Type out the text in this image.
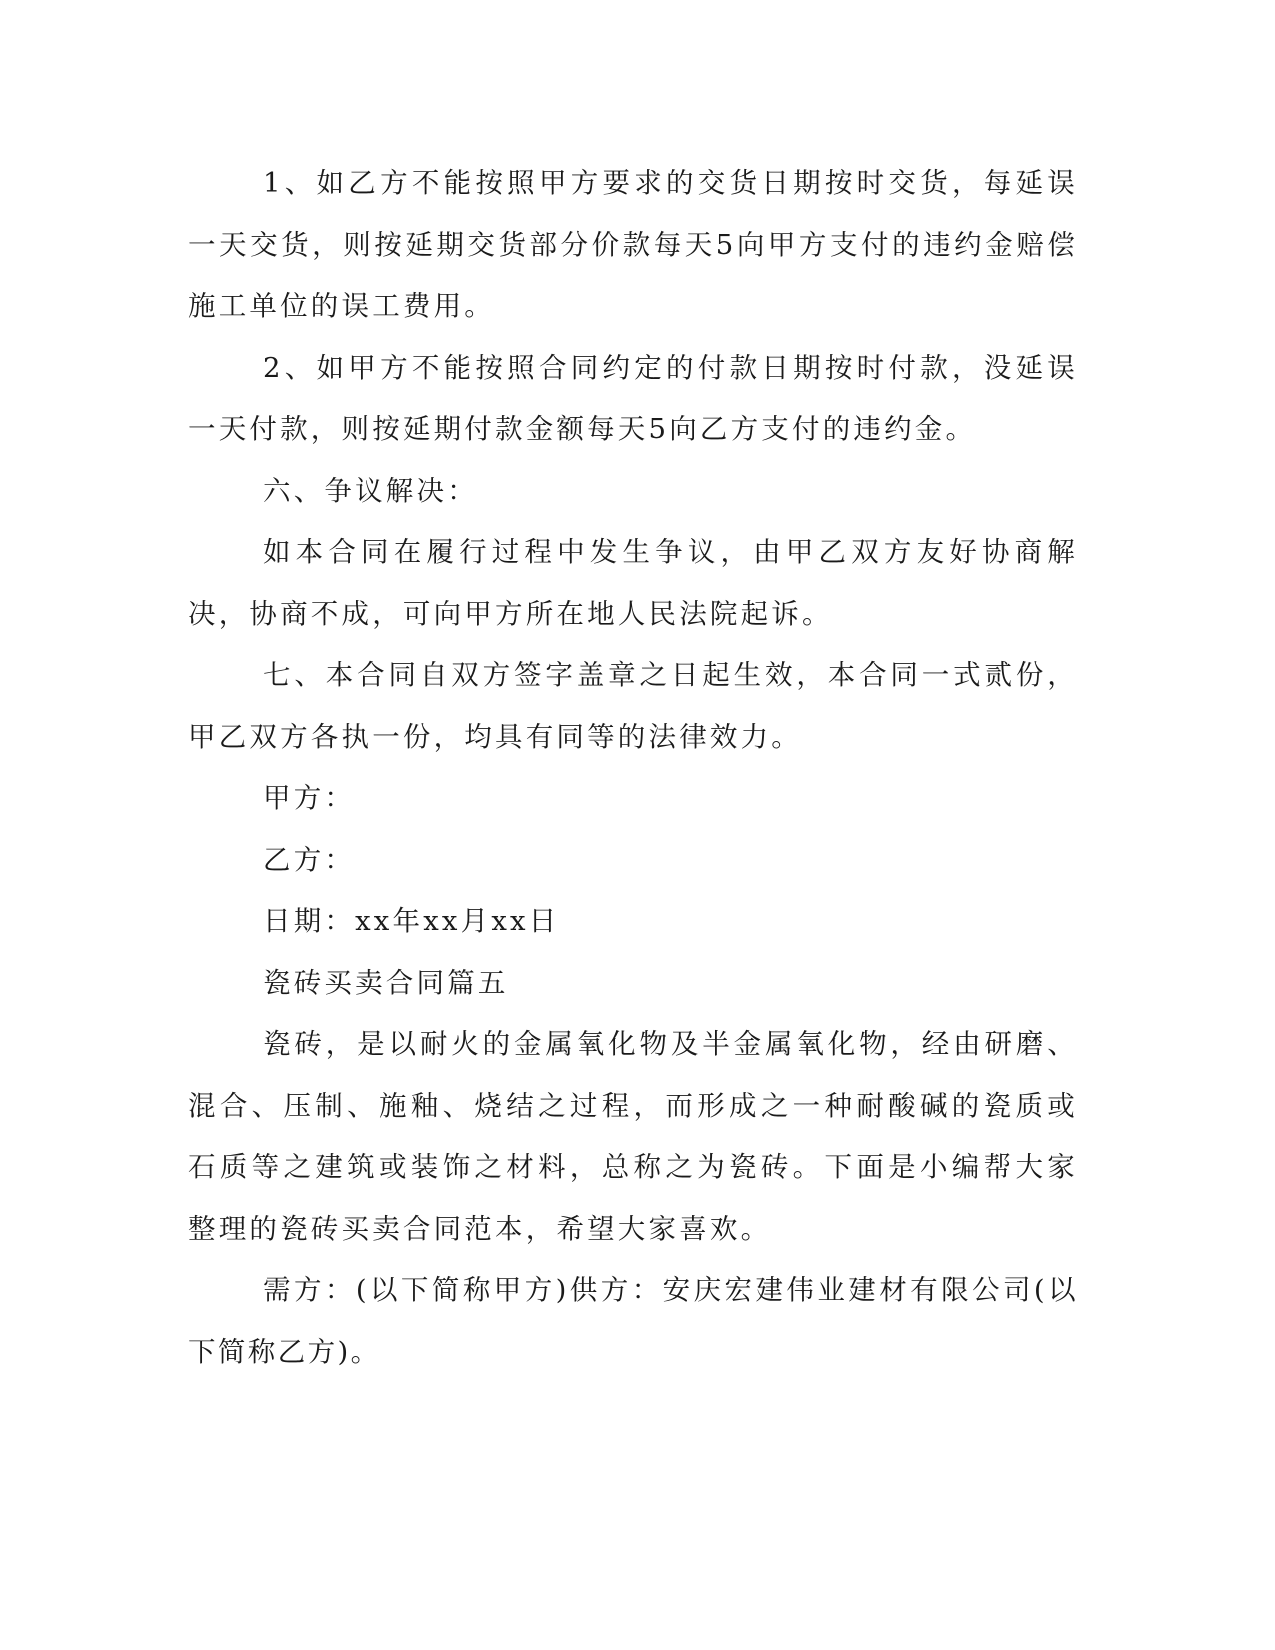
1、如乙方不能按照甲方要求的交货日期按时交货，每延误一天交货，则按延期交货部分价款每天5向甲方支付的违约金赔偿施工单位的误工费用。

2、如甲方不能按照合同约定的付款日期按时付款，没延误一天付款，则按延期付款金额每天5向乙方支付的违约金。

六、争议解决：

如本合同在履行过程中发生争议，由甲乙双方友好协商解决，协商不成，可向甲方所在地人民法院起诉。

七、本合同自双方签字盖章之日起生效，本合同一式贰份，甲乙双方各执一份，均具有同等的法律效力。

甲方：

乙方：

日期：xx年xx月xx日

瓷砖买卖合同篇五

瓷砖，是以耐火的金属氧化物及半金属氧化物，经由研磨、混合、压制、施釉、烧结之过程，而形成之一种耐酸碱的瓷质或石质等之建筑或装饰之材料，总称之为瓷砖。下面是小编帮大家整理的瓷砖买卖合同范本，希望大家喜欢。

需方：(以下简称甲方)供方：安庆宏建伟业建材有限公司(以下简称乙方)。
